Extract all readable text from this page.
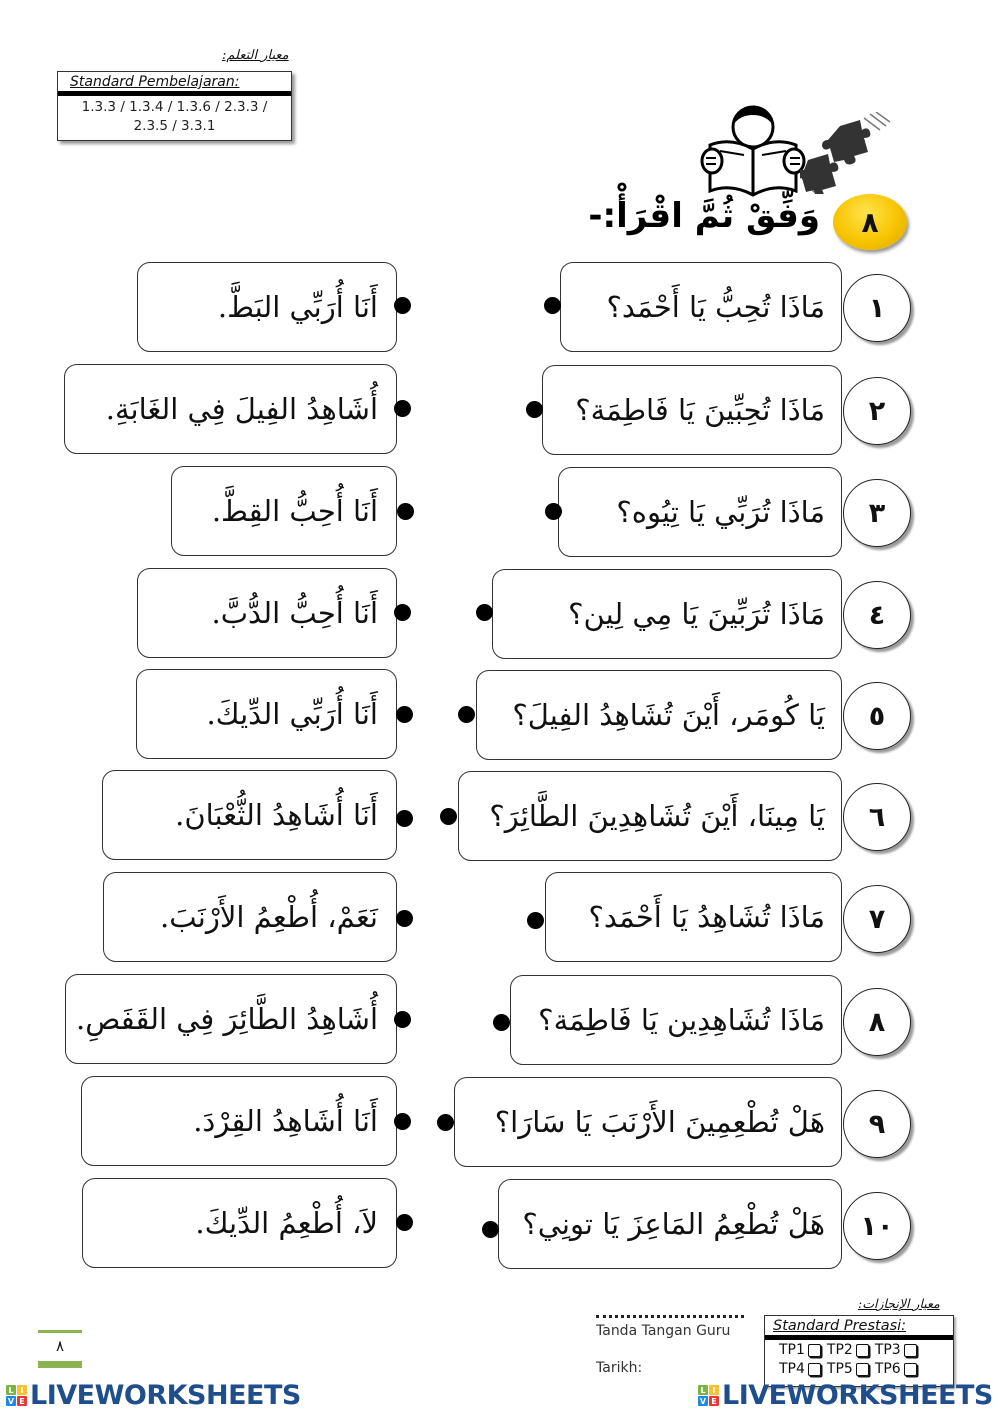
معيار التعلم:
Standard Pembelajaran:
1.3.3 / 1.3.4 / 1.3.6 / 2.3.3 /
2.3.5 / 3.3.1
٨
وَفِّقْ ثُمَّ اقْرَأْ:-
مَاذَا تُحِبُّ يَا أَحْمَد؟	١
أَنَا أُرَبِّي البَطَّ.
مَاذَا تُحِبِّينَ يَا فَاطِمَة؟	٢
أُشَاهِدُ الفِيلَ فِي الغَابَةِ.
مَاذَا تُرَبِّي يَا تِيُوه؟	٣
أَنَا أُحِبُّ القِطَّ.
مَاذَا تُرَبِّينَ يَا مِي لِين؟	٤
أَنَا أُحِبُّ الدُّبَّ.
يَا كُومَر، أَيْنَ تُشَاهِدُ الفِيلَ؟	٥
أَنَا أُرَبِّي الدِّيكَ.
يَا مِينَا، أَيْنَ تُشَاهِدِينَ الطَّائِرَ؟	٦
أَنَا أُشَاهِدُ الثُّعْبَانَ.
مَاذَا تُشَاهِدُ يَا أَحْمَد؟	٧
نَعَمْ، أُطْعِمُ الأَرْنَبَ.
مَاذَا تُشَاهِدِين يَا فَاطِمَة؟	٨
أُشَاهِدُ الطَّائِرَ فِي القَفَصِ.
هَلْ تُطْعِمِينَ الأَرْنَبَ يَا سَارَا؟	٩
أَنَا أُشَاهِدُ القِرْدَ.
هَلْ تُطْعِمُ المَاعِزَ يَا تونِي؟	١٠
لاَ، أُطْعِمُ الدِّيكَ.
٨
Tanda Tangan Guru
Tarikh:
معيار الإنجازات:
Standard Prestasi:
TP1 TP2 TP3
TP4 TP5 TP6
L I
V E LIVEWORKSHEETS	L I
V E LIVEWORKSHEETS
